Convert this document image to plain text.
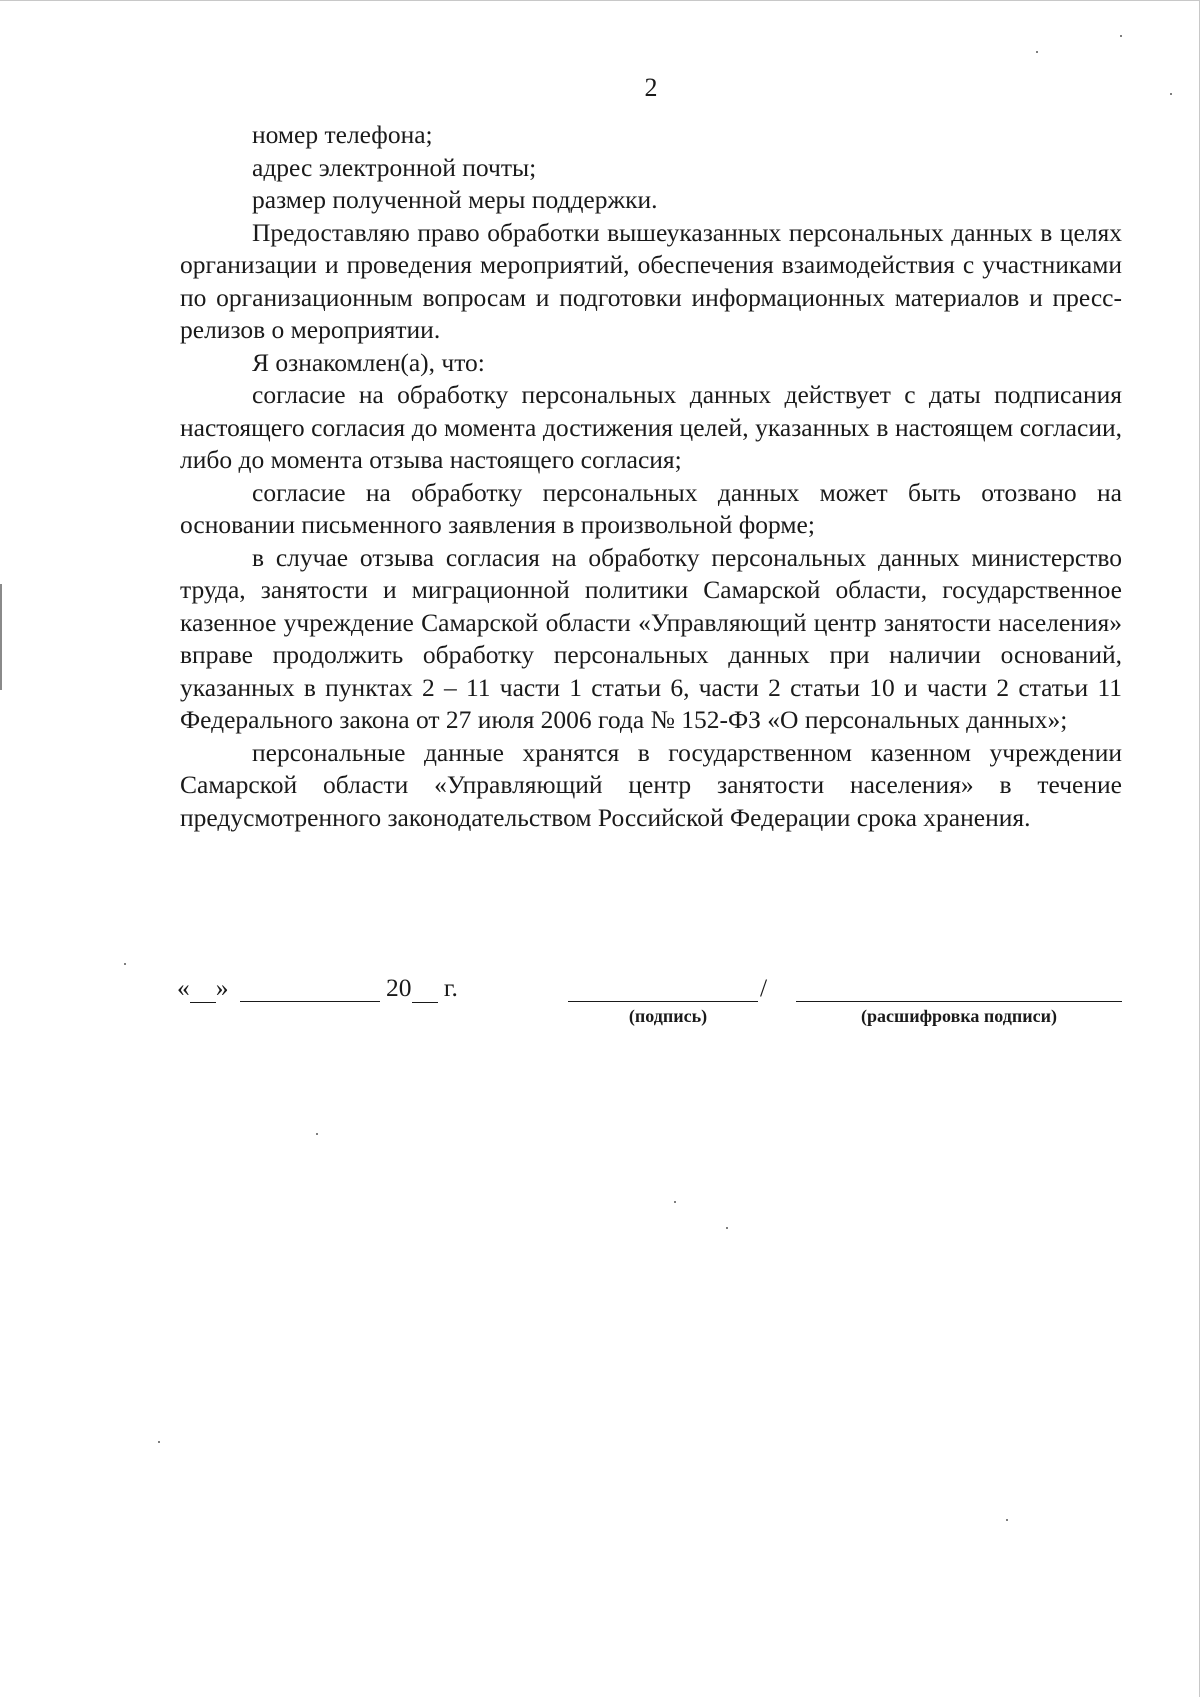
2

номер телефона;

адрес электронной почты;

размер полученной меры поддержки.

Предоставляю право обработки вышеуказанных персональных данных в целях организации и проведения мероприятий, обеспечения взаимодействия с участниками по организационным вопросам и подготовки информационных материалов и пресс-релизов о мероприятии.

Я ознакомлен(а), что:

согласие на обработку персональных данных действует с даты подписания настоящего согласия до момента достижения целей, указанных в настоящем согласии, либо до момента отзыва настоящего согласия;

согласие на обработку персональных данных может быть отозвано на основании письменного заявления в произвольной форме;

в случае отзыва согласия на обработку персональных данных министерство труда, занятости и миграционной политики Самарской области, государственное казенное учреждение Самарской области «Управляющий центр занятости населения» вправе продолжить обработку персональных данных при наличии оснований, указанных в пунктах 2 – 11 части 1 статьи 6, части 2 статьи 10 и части 2 статьи 11 Федерального закона от 27 июля 2006 года № 152-ФЗ «О персональных данных»;

персональные данные хранятся в государственном казенном учреждении Самарской области «Управляющий центр занятости населения» в течение предусмотренного законодательством Российской Федерации срока хранения.

« »	20 г.	/
(подпись)	(расшифровка подписи)
